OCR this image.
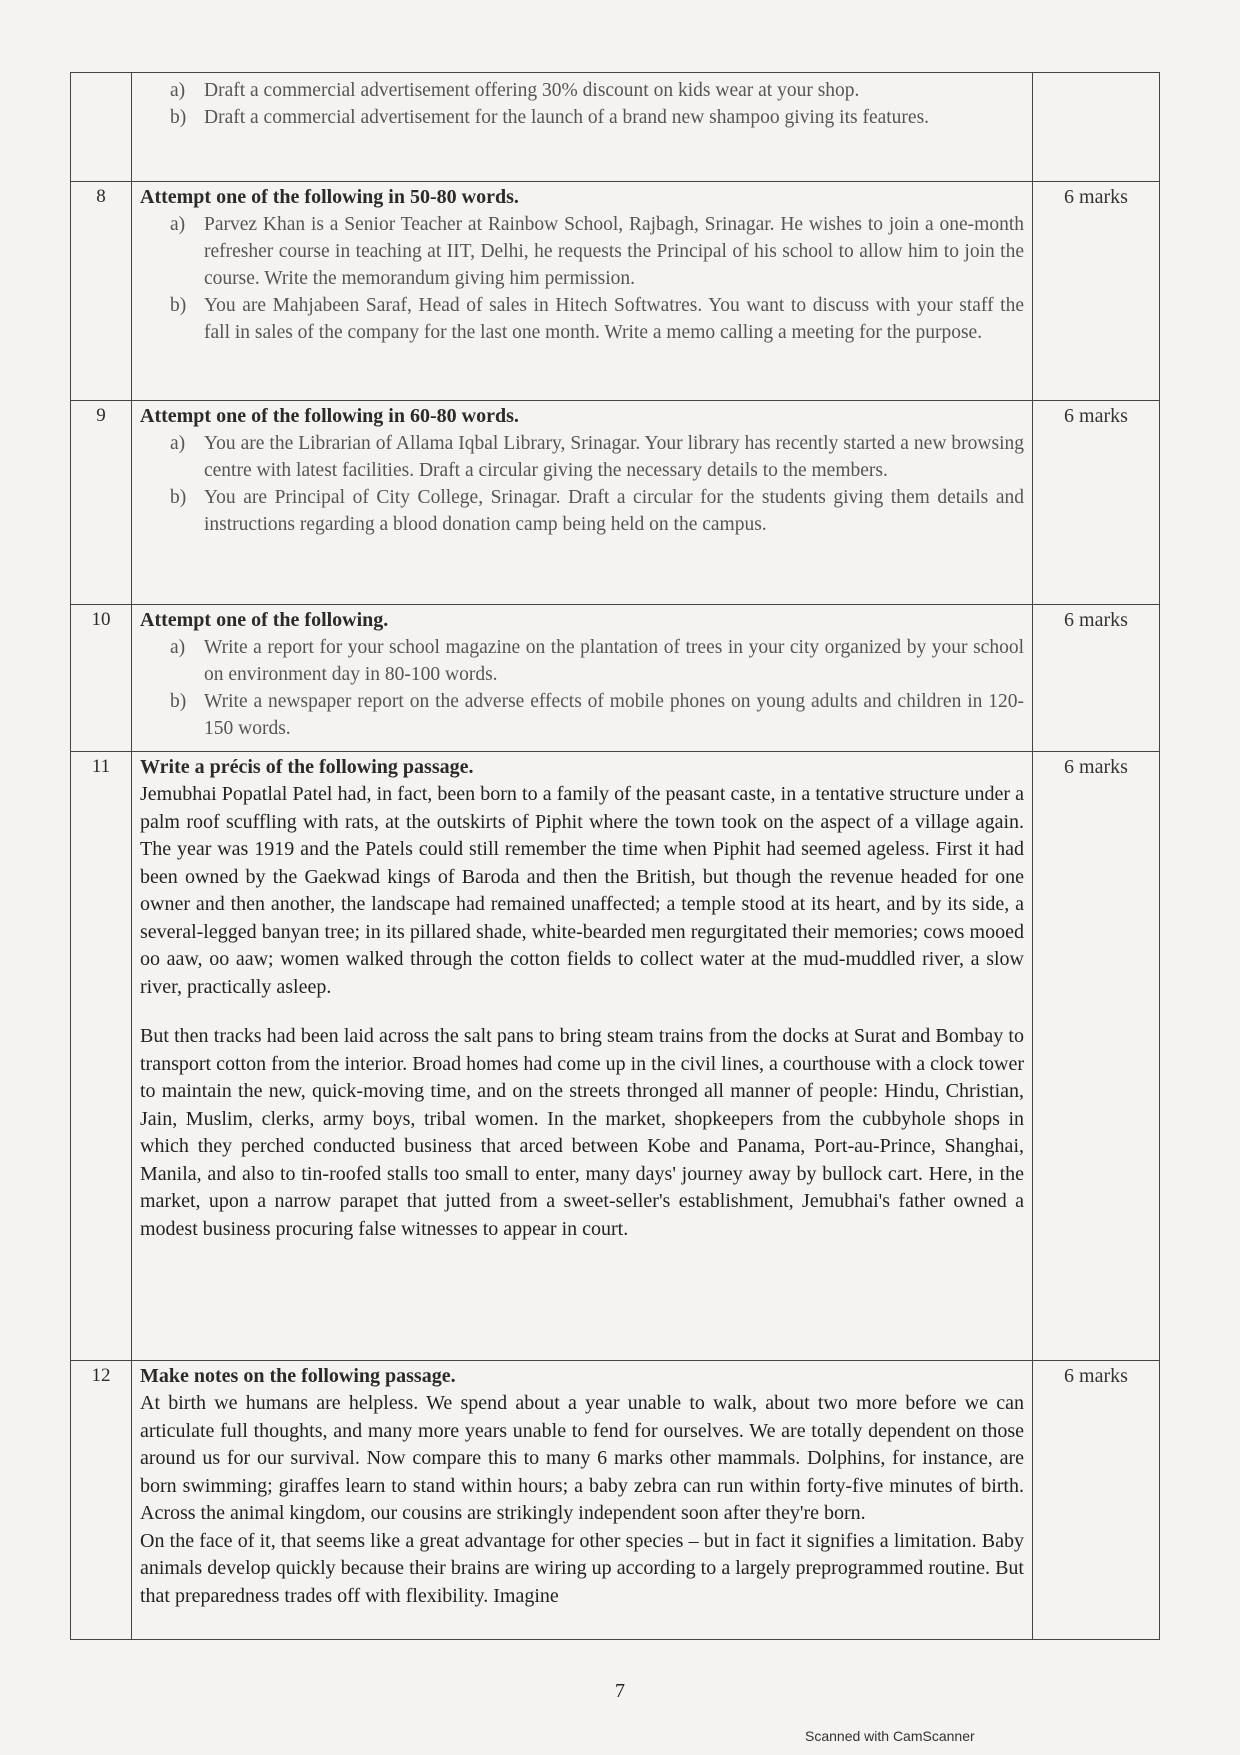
	a) Draft a commercial advertisement offering 30% discount on kids wear at your shop.
b) Draft a commercial advertisement for the launch of a brand new shampoo giving its features.	

8	Attempt one of the following in 50-80 words.
a) Parvez Khan is a Senior Teacher at Rainbow School, Rajbagh, Srinagar. He wishes to join a one-month refresher course in teaching at IIT, Delhi, he requests the Principal of his school to allow him to join the course. Write the memorandum giving him permission.
b) You are Mahjabeen Saraf, Head of sales in Hitech Softwatres. You want to discuss with your staff the fall in sales of the company for the last one month. Write a memo calling a meeting for the purpose.	6 marks
9	Attempt one of the following in 60-80 words.
a) You are the Librarian of Allama Iqbal Library, Srinagar. Your library has recently started a new browsing centre with latest facilities. Draft a circular giving the necessary details to the members.
b) You are Principal of City College, Srinagar. Draft a circular for the students giving them details and instructions regarding a blood donation camp being held on the campus.	6 marks
10	Attempt one of the following.
a) Write a report for your school magazine on the plantation of trees in your city organized by your school on environment day in 80-100 words.
b) Write a newspaper report on the adverse effects of mobile phones on young adults and children in 120-150 words.	6 marks
11	Write a précis of the following passage.

Jemubhai Popatlal Patel had, in fact, been born to a family of the peasant caste, in a tentative structure under a palm roof scuffling with rats, at the outskirts of Piphit where the town took on the aspect of a village again. The year was 1919 and the Patels could still remember the time when Piphit had seemed ageless. First it had been owned by the Gaekwad kings of Baroda and then the British, but though the revenue headed for one owner and then another, the landscape had remained unaffected; a temple stood at its heart, and by its side, a several-legged banyan tree; in its pillared shade, white-bearded men regurgitated their memories; cows mooed oo aaw, oo aaw; women walked through the cotton fields to collect water at the mud-muddled river, a slow river, practically asleep.

But then tracks had been laid across the salt pans to bring steam trains from the docks at Surat and Bombay to transport cotton from the interior. Broad homes had come up in the civil lines, a courthouse with a clock tower to maintain the new, quick-moving time, and on the streets thronged all manner of people: Hindu, Christian, Jain, Muslim, clerks, army boys, tribal women. In the market, shopkeepers from the cubbyhole shops in which they perched conducted business that arced between Kobe and Panama, Port-au-Prince, Shanghai, Manila, and also to tin-roofed stalls too small to enter, many days' journey away by bullock cart. Here, in the market, upon a narrow parapet that jutted from a sweet-seller's establishment, Jemubhai's father owned a modest business procuring false witnesses to appear in court.	6 marks
12	Make notes on the following passage.

At birth we humans are helpless. We spend about a year unable to walk, about two more before we can articulate full thoughts, and many more years unable to fend for ourselves. We are totally dependent on those around us for our survival. Now compare this to many 6 marks other mammals. Dolphins, for instance, are born swimming; giraffes learn to stand within hours; a baby zebra can run within forty-five minutes of birth. Across the animal kingdom, our cousins are strikingly independent soon after they're born.

On the face of it, that seems like a great advantage for other species – but in fact it signifies a limitation. Baby animals develop quickly because their brains are wiring up according to a largely preprogrammed routine. But that preparedness trades off with flexibility. Imagine	6 marks
7
Scanned with CamScanner
